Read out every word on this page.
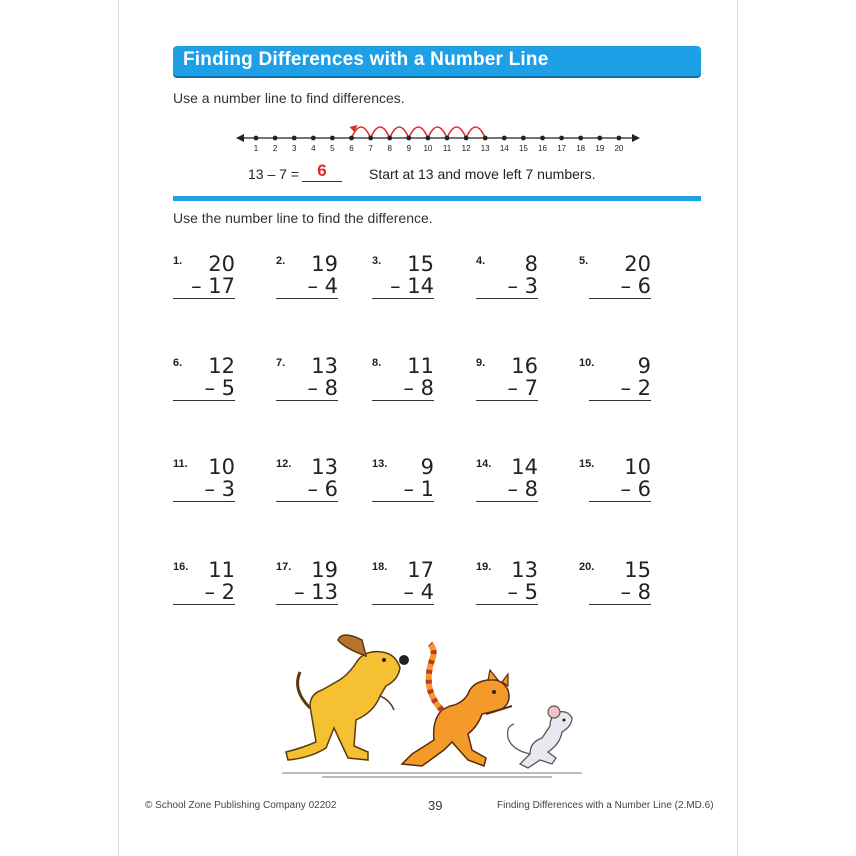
Finding Differences with a Number Line
Use a number line to find differences.
1 2 3 4 5 6 7 8 9 10 11 12 13 14 15 16 17 18 19 20
13 – 7 =	6	Start at 13 and move left 7 numbers.
Use the number line to find the difference.
1.	20
– 17
2.	19
– 4
3.	15
– 14
4.	8
– 3
5.	20
– 6
6.	12
– 5
7.	13
– 8
8.	11
– 8
9.	16
– 7
10.	9
– 2
11. 10
– 3
12. 13
– 6
13.	9
– 1
14. 14
– 8
15.	10
– 6
16. 11
– 2
17. 19
– 13
18. 17
– 4
19. 13
– 5
20.	15
– 8
© School Zone Publishing Company 02202	39	Finding Differences with a Number Line (2.MD.6)
